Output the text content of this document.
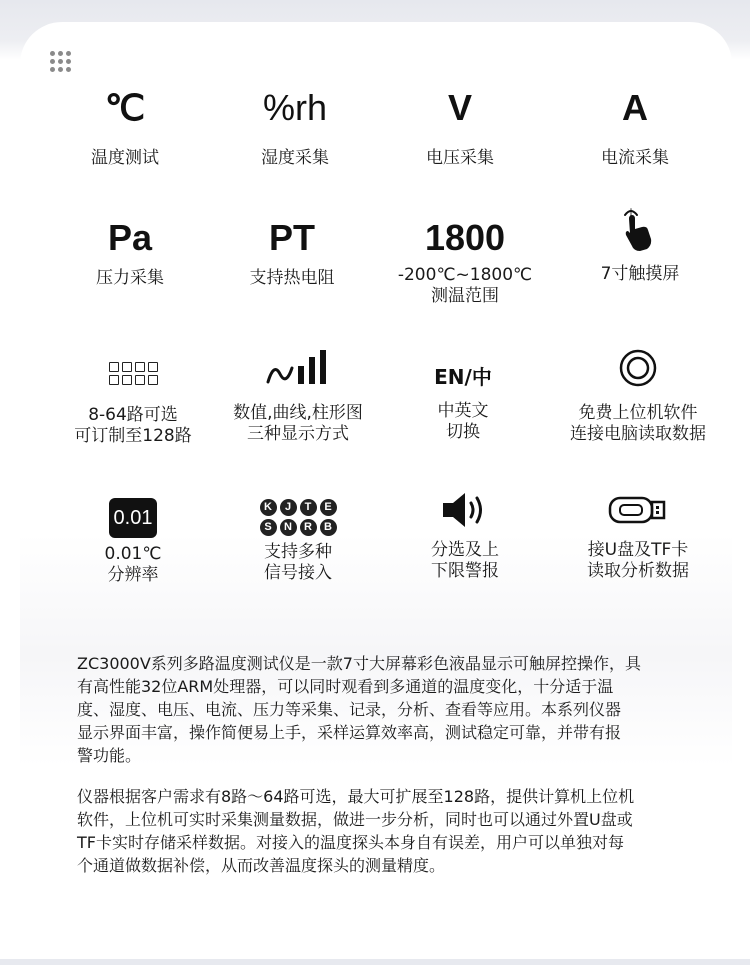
℃
温度测试
%rh
湿度采集
V
电压采集
A
电流采集
Pa
压力采集
PT
支持热电阻
1800
-200℃~1800℃
测温范围
7寸触摸屏
8-64路可选
可订制至128路
数值,曲线,柱形图
三种显示方式
EN/中
中英文
切换
免费上位机软件
连接电脑读取数据
0.01
0.01℃
分辨率
K	J	T	E
S	N	R	B
支持多种
信号接入
分选及上
下限警报
接U盘及TF卡
读取分析数据
ZC3000V系列多路温度测试仪是一款7寸大屏幕彩色液晶显示可触屏控操作，具
有高性能32位ARM处理器，可以同时观看到多通道的温度变化，十分适于温
度、湿度、电压、电流、压力等采集、记录，分析、查看等应用。本系列仪器
显示界面丰富，操作简便易上手，采样运算效率高，测试稳定可靠，并带有报
警功能。
仪器根据客户需求有8路～64路可选，最大可扩展至128路，提供计算机上位机
软件，上位机可实时采集测量数据，做进一步分析，同时也可以通过外置U盘或
TF卡实时存储采样数据。对接入的温度探头本身自有误差，用户可以单独对每
个通道做数据补偿，从而改善温度探头的测量精度。
